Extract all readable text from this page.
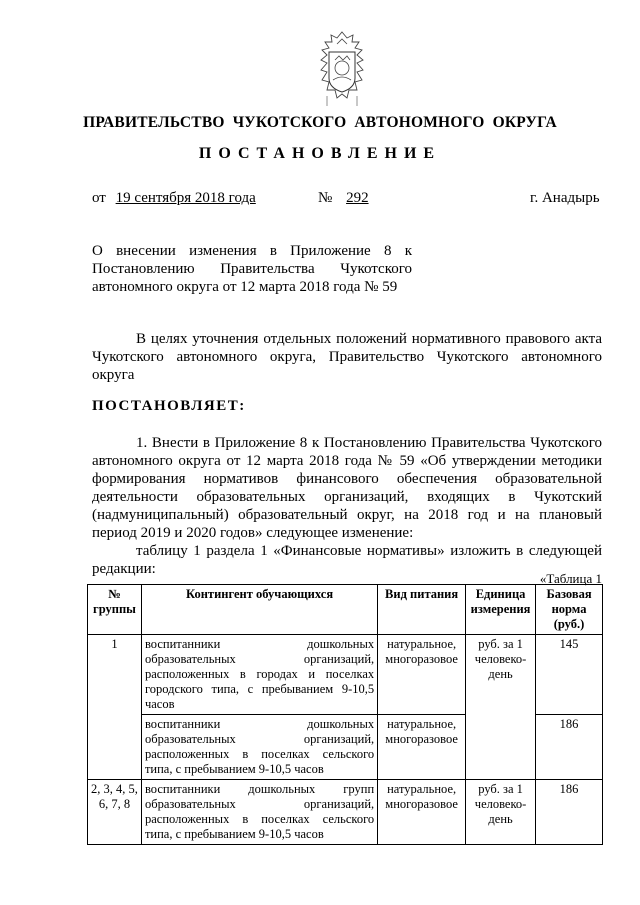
ПРАВИТЕЛЬСТВО ЧУКОТСКОГО АВТОНОМНОГО ОКРУГА
ПОСТАНОВЛЕНИЕ
от 19 сентября 2018 года	№ 292	г. Анадырь
О внесении изменения в Приложение 8 к
Постановлению Правительства Чукотского
автономного округа от 12 марта 2018 года № 59
В целях уточнения отдельных положений нормативного правового акта
Чукотского автономного округа, Правительство Чукотского автономного
округа
ПОСТАНОВЛЯЕТ:
1. Внести в Приложение 8 к Постановлению Правительства Чукотского
автономного округа от 12 марта 2018 года № 59 «Об утверждении методики
формирования нормативов финансового обеспечения образовательной
деятельности образовательных организаций, входящих в Чукотский
(надмуниципальный) образовательный округ, на 2018 год и на плановый
период 2019 и 2020 годов» следующее изменение:
таблицу 1 раздела 1 «Финансовые нормативы» изложить в следующей
редакции:
«Таблица 1
№ группы	Контингент обучающихся	Вид питания	Единица измерения	Базовая норма (руб.)
1	воспитанники дошкольных
образовательных организаций,
расположенных в городах и поселках
городского типа, с пребыванием 9-10,5
часов	натуральное, многоразовое	руб. за 1 человеко-день	145

	воспитанники дошкольных
образовательных организаций,
расположенных в поселках сельского
типа, с пребыванием 9-10,5 часов	натуральное, многоразовое		186
2, 3, 4, 5, 6, 7, 8	воспитанники дошкольных групп
образовательных организаций,
расположенных в поселках сельского
типа, с пребыванием 9-10,5 часов	натуральное, многоразовое	руб. за 1 человеко-день	186
